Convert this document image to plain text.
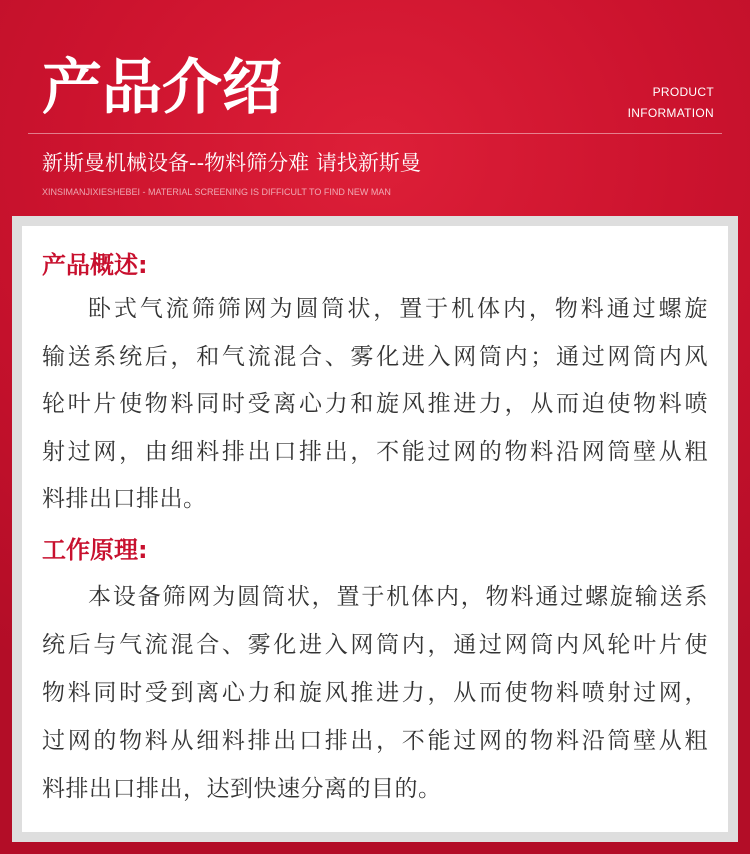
产品介绍	PRODUCT
INFORMATION
新斯曼机械设备--物料筛分难 请找新斯曼
XINSIMANJIXIESHEBEI - MATERIAL SCREENING IS DIFFICULT TO FIND NEW MAN
产品概述:
卧式气流筛筛网为圆筒状，置于机体内，物料通过螺旋
输送系统后，和气流混合、雾化进入网筒内；通过网筒内风
轮叶片使物料同时受离心力和旋风推进力，从而迫使物料喷
射过网，由细料排出口排出，不能过网的物料沿网筒壁从粗
料排出口排出。
工作原理:
本设备筛网为圆筒状，置于机体内，物料通过螺旋输送系
统后与气流混合、雾化进入网筒内，通过网筒内风轮叶片使
物料同时受到离心力和旋风推进力，从而使物料喷射过网，
过网的物料从细料排出口排出，不能过网的物料沿筒壁从粗
料排出口排出，达到快速分离的目的。
